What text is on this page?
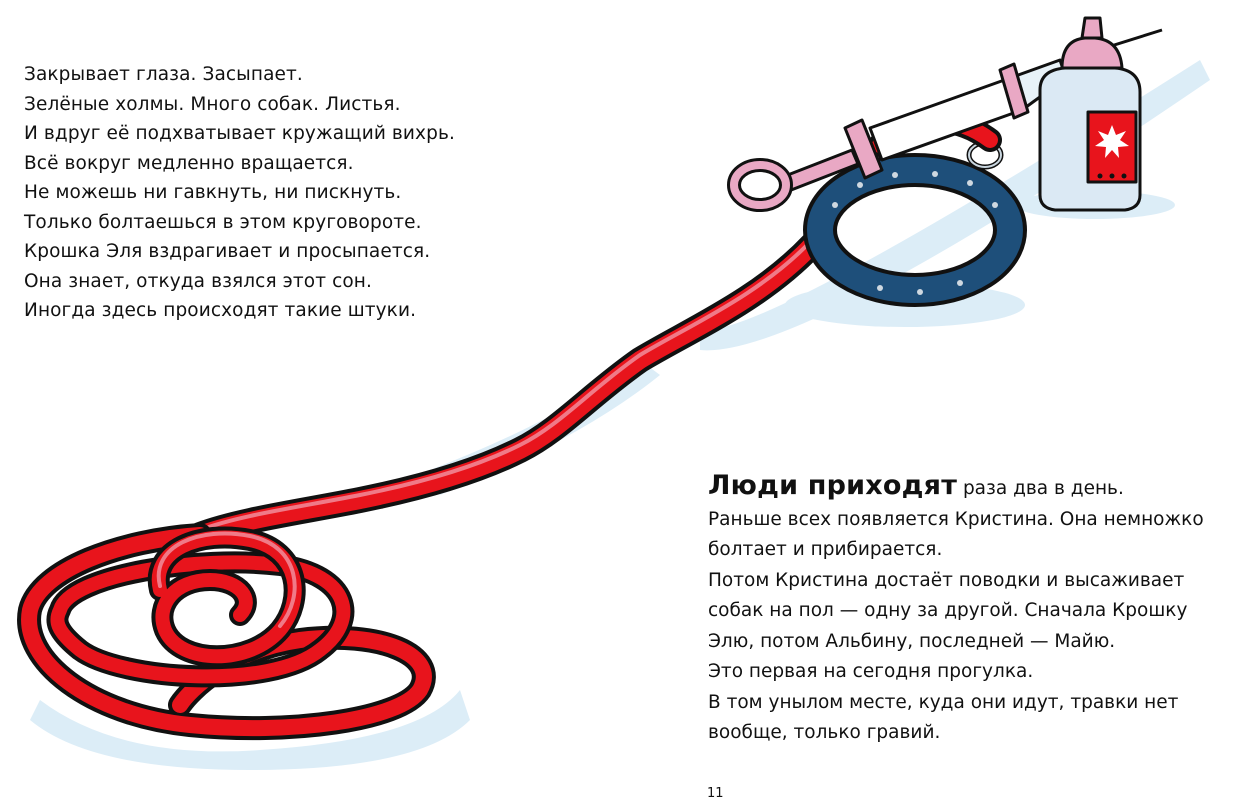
Закрывает глаза. Засыпает.
Зелёные холмы. Много собак. Листья.
И вдруг её подхватывает кружащий вихрь.
Всё вокруг медленно вращается.
Не можешь ни гавкнуть, ни пискнуть.
Только болтаешься в этом круговороте.
Крошка Эля вздрагивает и просыпается.
Она знает, откуда взялся этот сон.
Иногда здесь происходят такие штуки.
Люди приходят раза два в день.
Раньше всех появляется Кристина. Она немножко
болтает и прибирается.
Потом Кристина достаёт поводки и высаживает
собак на пол — одну за другой. Сначала Крошку
Элю, потом Альбину, последней — Майю.
Это первая на сегодня прогулка.
В том унылом месте, куда они идут, травки нет
вообще, только гравий.
11
